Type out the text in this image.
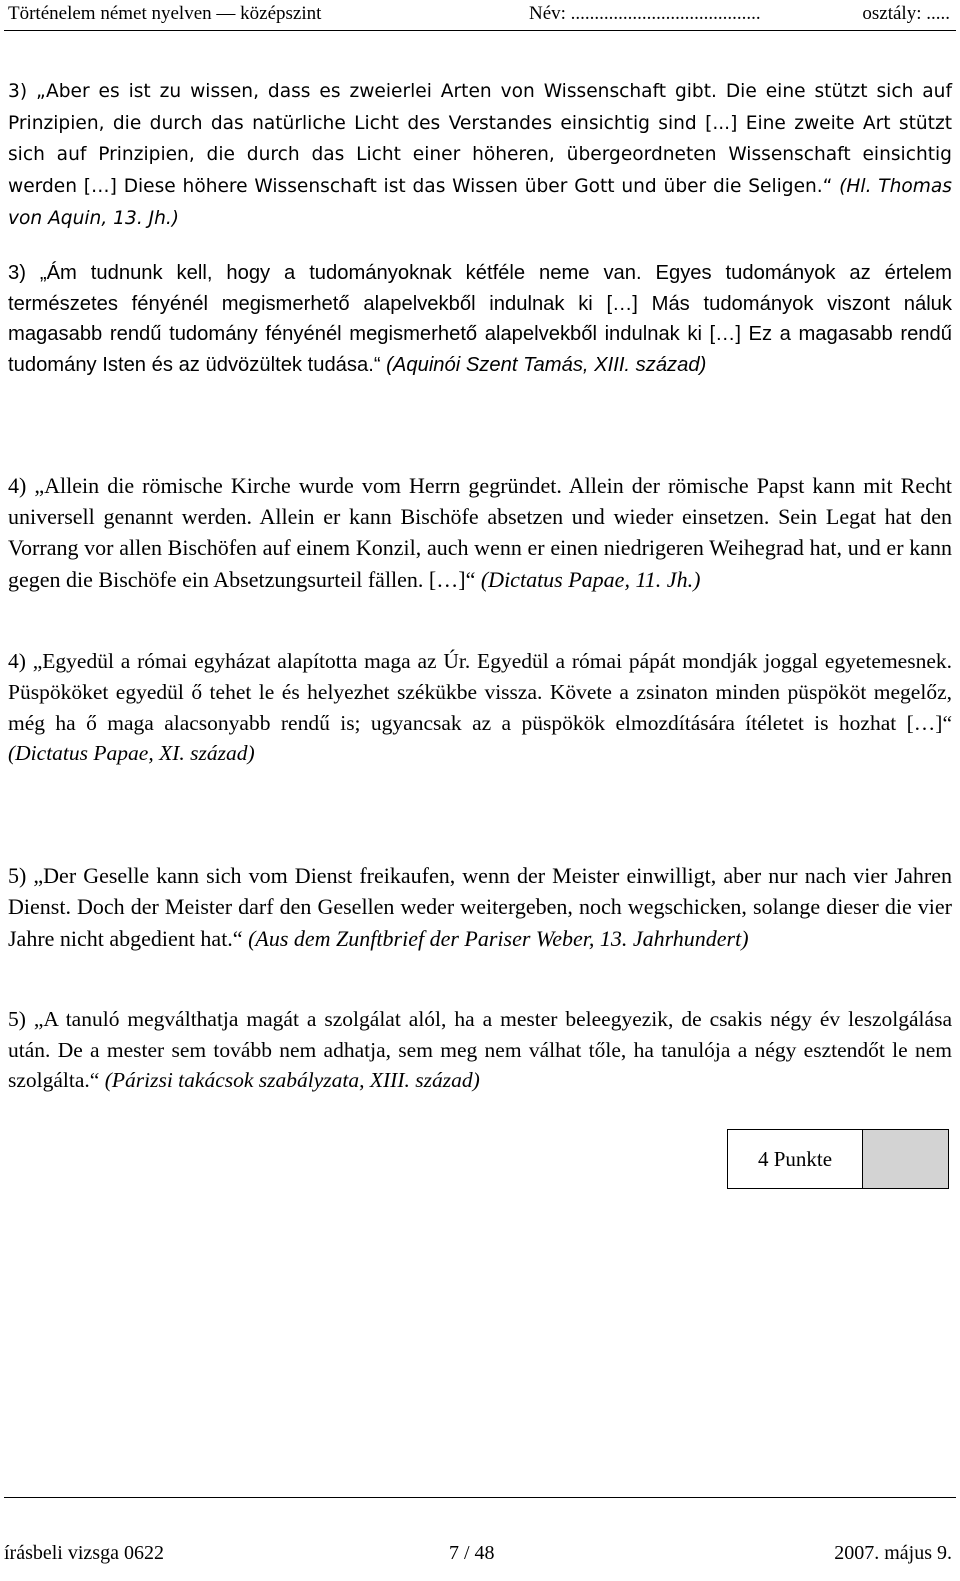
Történelem német nyelven — középszint	Név: ........................................	osztály: .....

3) „Aber es ist zu wissen, dass es zweierlei Arten von Wissenschaft gibt. Die eine stützt sich auf Prinzipien, die durch das natürliche Licht des Verstandes einsichtig sind [...] Eine zweite Art stützt sich auf Prinzipien, die durch das Licht einer höheren, übergeordneten Wissenschaft einsichtig werden […] Diese höhere Wissenschaft ist das Wissen über Gott und über die Seligen.“ (Hl. Thomas von Aquin, 13. Jh.)

3) „Ám tudnunk kell, hogy a tudományoknak kétféle neme van. Egyes tudományok az értelem természetes fényénél megismerhető alapelvekből indulnak ki […] Más tudományok viszont náluk magasabb rendű tudomány fényénél megismerhető alapelvekből indulnak ki […] Ez a magasabb rendű tudomány Isten és az üdvözültek tudása.“ (Aquinói Szent Tamás, XIII. század)

4) „Allein die römische Kirche wurde vom Herrn gegründet. Allein der römische Papst kann mit Recht universell genannt werden. Allein er kann Bischöfe absetzen und wieder einsetzen. Sein Legat hat den Vorrang vor allen Bischöfen auf einem Konzil, auch wenn er einen niedrigeren Weihegrad hat, und er kann gegen die Bischöfe ein Absetzungsurteil fällen. […]“ (Dictatus Papae, 11. Jh.)

4) „Egyedül a római egyházat alapította maga az Úr. Egyedül a római pápát mondják joggal egyetemesnek. Püspököket egyedül ő tehet le és helyezhet székükbe vissza. Követe a zsinaton minden püspököt megelőz, még ha ő maga alacsonyabb rendű is; ugyancsak az a püspökök elmozdítására ítéletet is hozhat […]“ (Dictatus Papae, XI. század)

5) „Der Geselle kann sich vom Dienst freikaufen, wenn der Meister einwilligt, aber nur nach vier Jahren Dienst. Doch der Meister darf den Gesellen weder weitergeben, noch wegschicken, solange dieser die vier Jahre nicht abgedient hat.“ (Aus dem Zunftbrief der Pariser Weber, 13. Jahrhundert)

5) „A tanuló megválthatja magát a szolgálat alól, ha a mester beleegyezik, de csakis négy év leszolgálása után. De a mester sem tovább nem adhatja, sem meg nem válhat tőle, ha tanulója a négy esztendőt le nem szolgálta.“ (Párizsi takácsok szabályzata, XIII. század)

4 Punkte
írásbeli vizsga 0622	7 / 48	2007. május 9.
